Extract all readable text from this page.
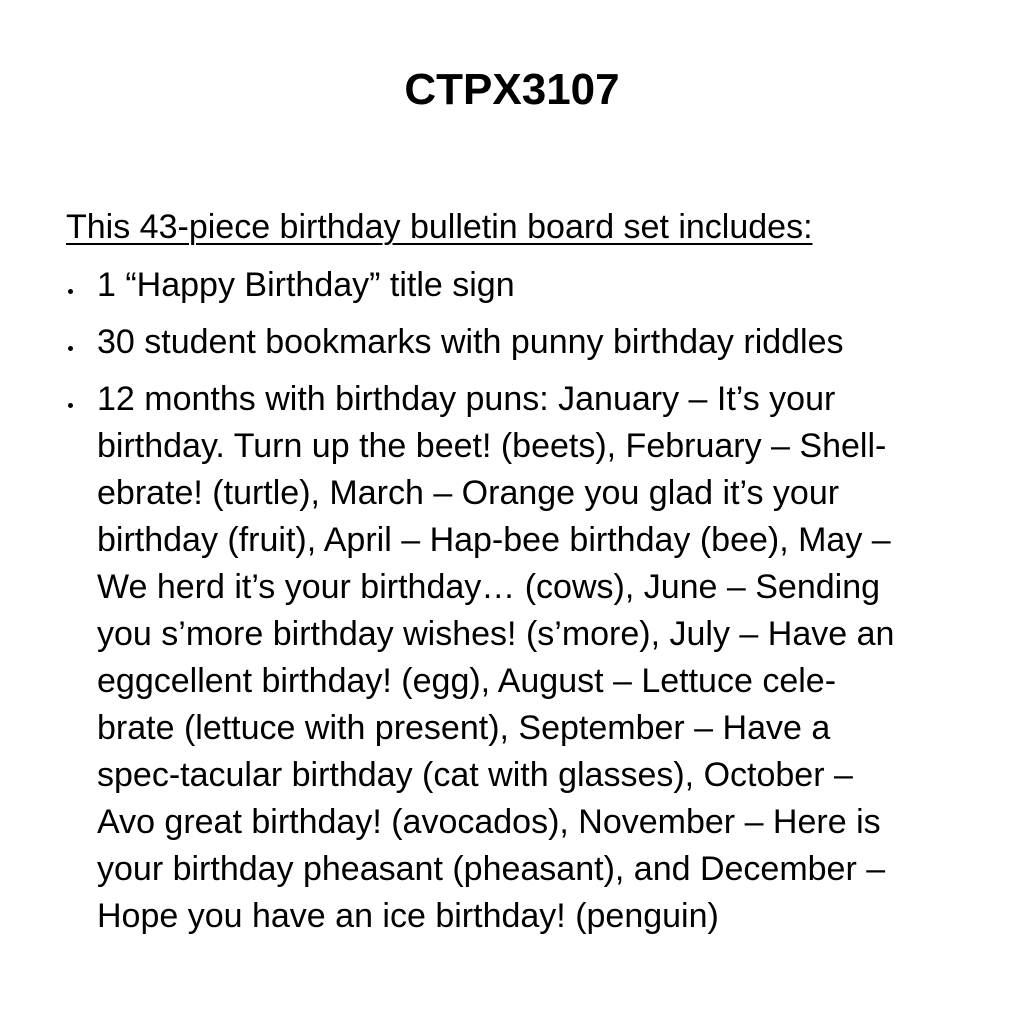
CTPX3107
This 43-piece birthday bulletin board set includes:
1 “Happy Birthday” title sign
30 student bookmarks with punny birthday riddles
12 months with birthday puns: January – It’s your
birthday. Turn up the beet! (beets), February – Shell-
ebrate! (turtle), March – Orange you glad it’s your
birthday (fruit), April – Hap-bee birthday (bee), May –
We herd it’s your birthday… (cows), June – Sending
you s’more birthday wishes! (s’more), July – Have an
eggcellent birthday! (egg), August – Lettuce cele-
brate (lettuce with present), September – Have a
spec-tacular birthday (cat with glasses), October –
Avo great birthday! (avocados), November – Here is
your birthday pheasant (pheasant), and December –
Hope you have an ice birthday! (penguin)
